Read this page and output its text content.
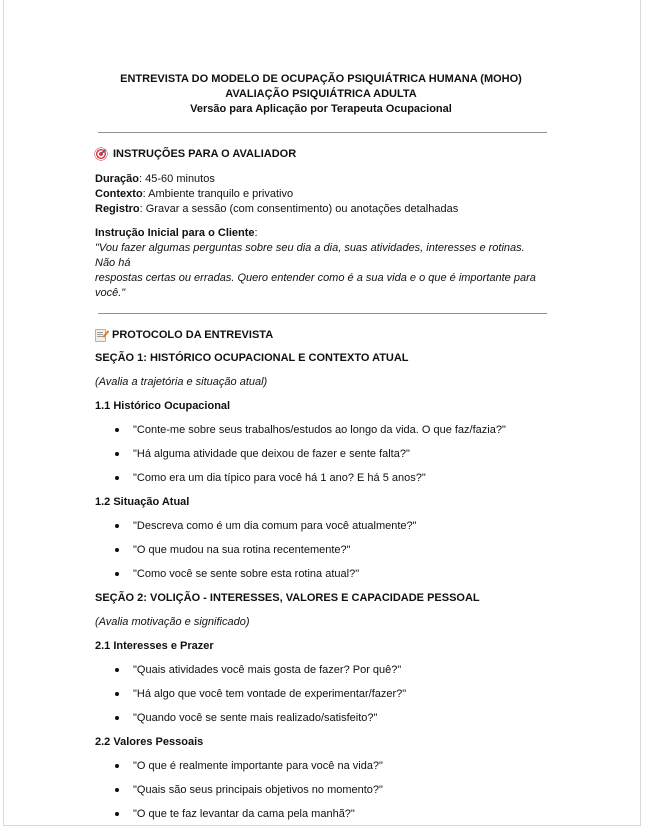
ENTREVISTA DO MODELO DE OCUPAÇÃO PSIQUIÁTRICA HUMANA (MOHO)
AVALIAÇÃO PSIQUIÁTRICA ADULTA
Versão para Aplicação por Terapeuta Ocupacional
INSTRUÇÕES PARA O AVALIADOR
Duração: 45-60 minutos
Contexto: Ambiente tranquilo e privativo
Registro: Gravar a sessão (com consentimento) ou anotações detalhadas
Instrução Inicial para o Cliente:
"Vou fazer algumas perguntas sobre seu dia a dia, suas atividades, interesses e rotinas. Não há
respostas certas ou erradas. Quero entender como é a sua vida e o que é importante para
você."
PROTOCOLO DA ENTREVISTA
SEÇÃO 1: HISTÓRICO OCUPACIONAL E CONTEXTO ATUAL
(Avalia a trajetória e situação atual)
1.1 Histórico Ocupacional
"Conte-me sobre seus trabalhos/estudos ao longo da vida. O que faz/fazia?"
"Há alguma atividade que deixou de fazer e sente falta?"
"Como era um dia típico para você há 1 ano? E há 5 anos?"
1.2 Situação Atual
"Descreva como é um dia comum para você atualmente?"
"O que mudou na sua rotina recentemente?"
"Como você se sente sobre esta rotina atual?"
SEÇÃO 2: VOLIÇÃO - INTERESSES, VALORES E CAPACIDADE PESSOAL
(Avalia motivação e significado)
2.1 Interesses e Prazer
"Quais atividades você mais gosta de fazer? Por quê?"
"Há algo que você tem vontade de experimentar/fazer?"
"Quando você se sente mais realizado/satisfeito?"
2.2 Valores Pessoais
"O que é realmente importante para você na vida?"
"Quais são seus principais objetivos no momento?"
"O que te faz levantar da cama pela manhã?"
